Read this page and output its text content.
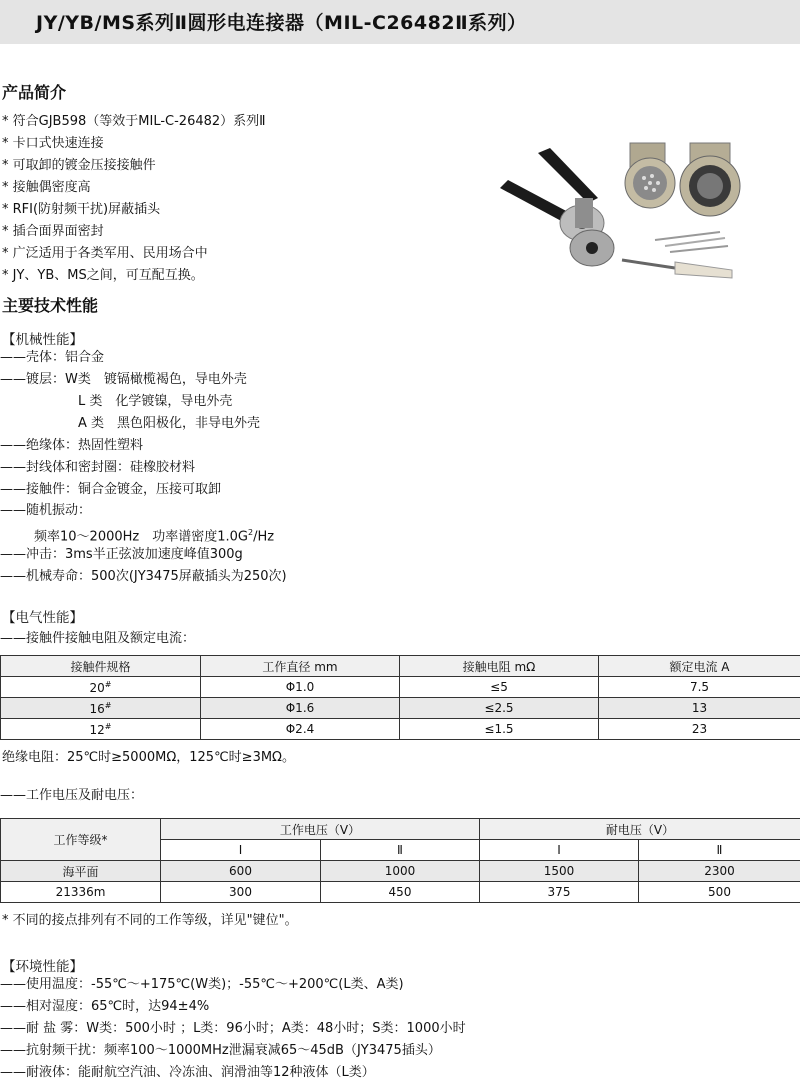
JY/YB/MS系列Ⅱ圆形电连接器（MIL-C26482Ⅱ系列）
产品简介
* 符合GJB598（等效于MIL-C-26482）系列Ⅱ
* 卡口式快速连接
* 可取卸的镀金压接接触件
* 接触偶密度高
* RFI(防射频干扰)屏蔽插头
* 插合面界面密封
* 广泛适用于各类军用、民用场合中
* JY、YB、MS之间，可互配互换。
主要技术性能
【机械性能】
——壳体：铝合金
——镀层：W类　镀镉橄榄褐色，导电外壳
L 类　化学镀镍，导电外壳
A 类　黑色阳极化，非导电外壳
——绝缘体：热固性塑料
——封线体和密封圈：硅橡胶材料
——接触件：铜合金镀金，压接可取卸
——随机振动：
频率10～2000Hz　功率谱密度$1.0G^2/Hz$
——冲击：3ms半正弦波加速度峰值300g
——机械寿命：500次(JY3475屏蔽插头为250次)
【电气性能】
——接触件接触电阻及额定电流：
接触件规格	工作直径 mm	接触电阻 mΩ	额定电流 A
20#	Φ1.0	≤5	7.5
16#	Φ1.6	≤2.5	13
12#	Φ2.4	≤1.5	23
绝缘电阻：25℃时≥5000MΩ，125℃时≥3MΩ。
——工作电压及耐电压：
工作等级*	工作电压（V）		耐电压（V）	
	Ⅰ	Ⅱ	Ⅰ	Ⅱ
海平面	600	1000	1500	2300
21336m	300	450	375	500
* 不同的接点排列有不同的工作等级，详见"键位"。
【环境性能】
——使用温度：-55℃～+175℃(W类)；-55℃～+200℃(L类、A类)
——相对湿度：65℃时，达94±4%
——耐 盐 雾：W类：500小时 ；L类：96小时；A类：48小时；S类：1000小时
——抗射频干扰：频率100～1000MHz泄漏衰减65～45dB（JY3475插头）
——耐液体：能耐航空汽油、冷冻油、润滑油等12种液体（L类）
